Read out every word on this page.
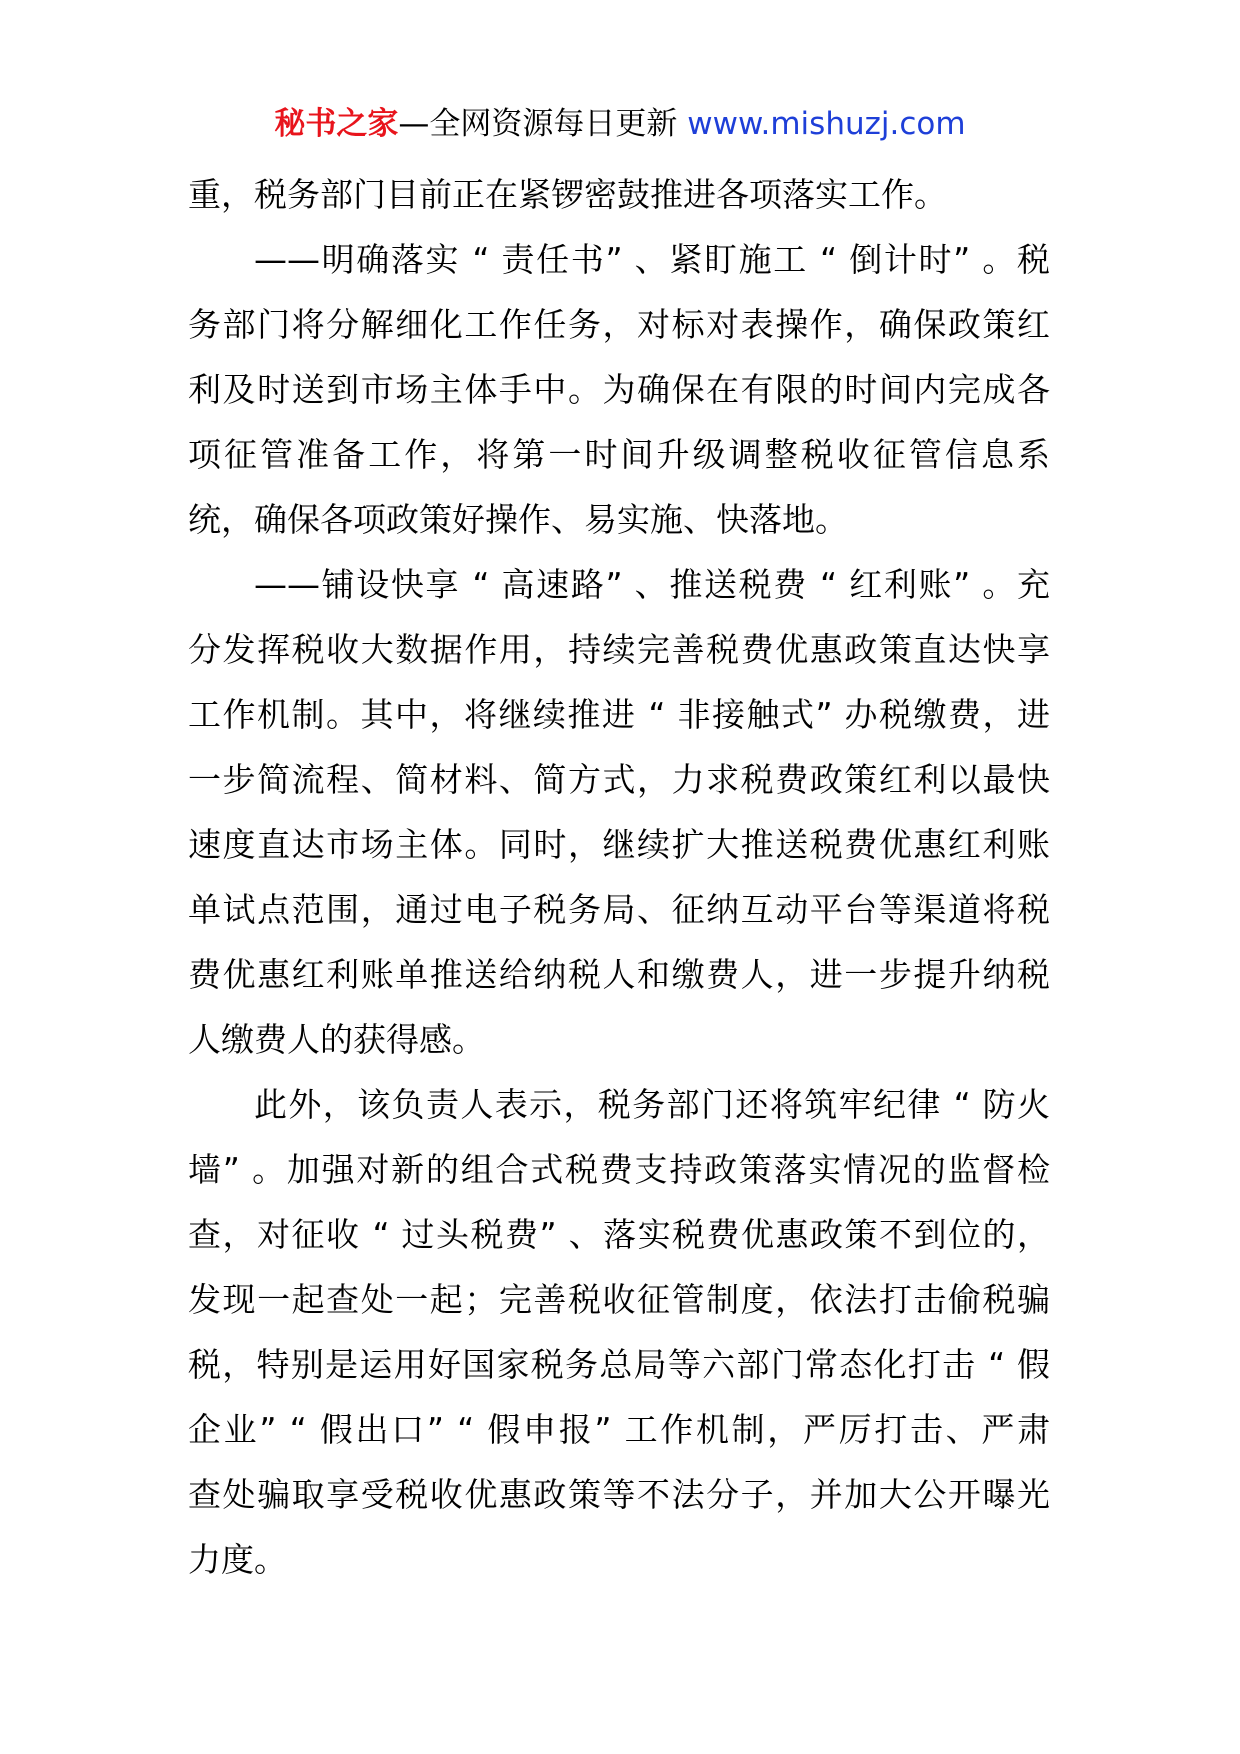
秘书之家—全网资源每日更新 www.mishuzj.com
重，税务部门目前正在紧锣密鼓推进各项落实工作。
——明确落实 “ 责任书” 、紧盯施工 “ 倒计时” 。税
务部门将分解细化工作任务，对标对表操作，确保政策红
利及时送到市场主体手中。为确保在有限的时间内完成各
项征管准备工作，将第一时间升级调整税收征管信息系
统，确保各项政策好操作、易实施、快落地。
——铺设快享 “ 高速路” 、推送税费 “ 红利账” 。充
分发挥税收大数据作用，持续完善税费优惠政策直达快享
工作机制。其中，将继续推进 “ 非接触式” 办税缴费，进
一步简流程、简材料、简方式，力求税费政策红利以最快
速度直达市场主体。同时，继续扩大推送税费优惠红利账
单试点范围，通过电子税务局、征纳互动平台等渠道将税
费优惠红利账单推送给纳税人和缴费人，进一步提升纳税
人缴费人的获得感。
此外，该负责人表示，税务部门还将筑牢纪律 “ 防火
墙” 。加强对新的组合式税费支持政策落实情况的监督检
查，对征收 “ 过头税费” 、落实税费优惠政策不到位的，
发现一起查处一起；完善税收征管制度，依法打击偷税骗
税，特别是运用好国家税务总局等六部门常态化打击 “ 假
企业” “ 假出口” “ 假申报” 工作机制，严厉打击、严肃
查处骗取享受税收优惠政策等不法分子，并加大公开曝光
力度。
